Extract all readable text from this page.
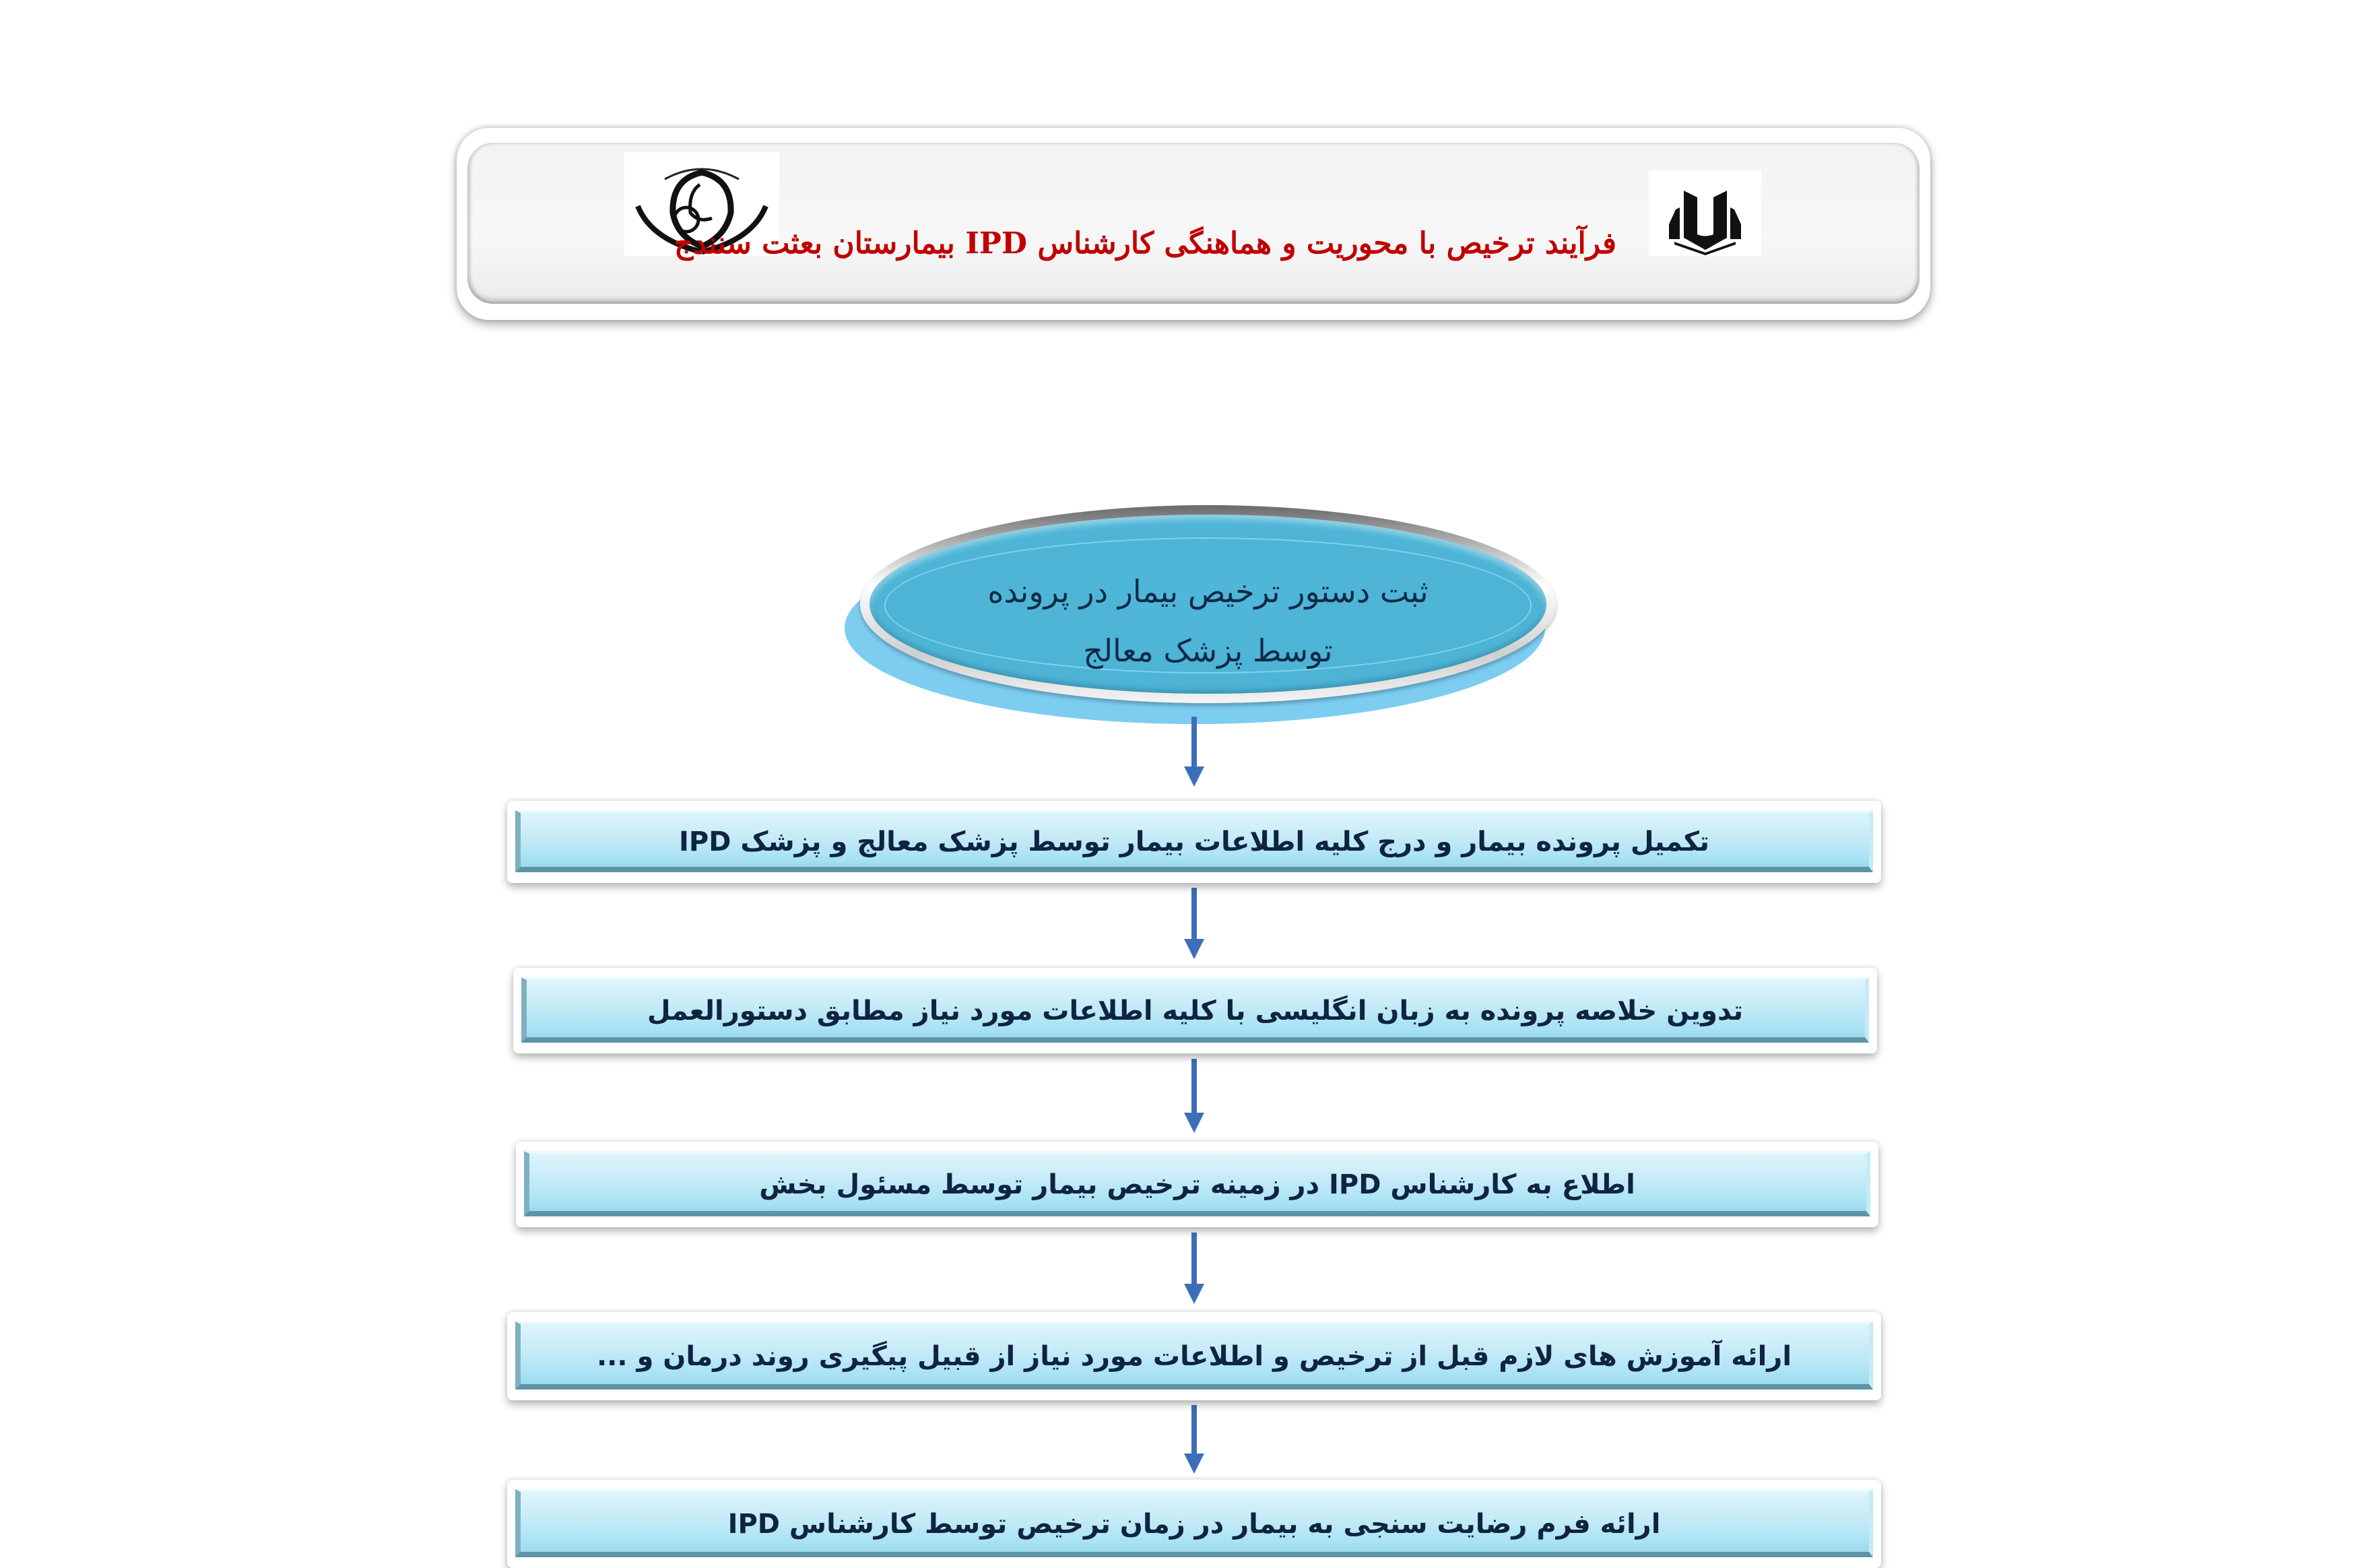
فرآیند ترخیص با محوریت و هماهنگی کارشناس IPD بیمارستان بعثت سنندج
ثبت دستور ترخیص بیمار در پرونده
توسط پزشک معالج
تکمیل پرونده بیمار و درج کلیه اطلاعات بیمار توسط پزشک معالج و پزشک IPD
تدوین خلاصه پرونده به زبان انگلیسی با کلیه اطلاعات مورد نیاز مطابق دستورالعمل
اطلاع به کارشناس IPD در زمینه ترخیص بیمار توسط مسئول بخش
ارائه آموزش های لازم قبل از ترخیص و اطلاعات مورد نیاز از قبیل پیگیری روند درمان و ...
ارائه فرم رضایت سنجی به بیمار در زمان ترخیص توسط کارشناس IPD
